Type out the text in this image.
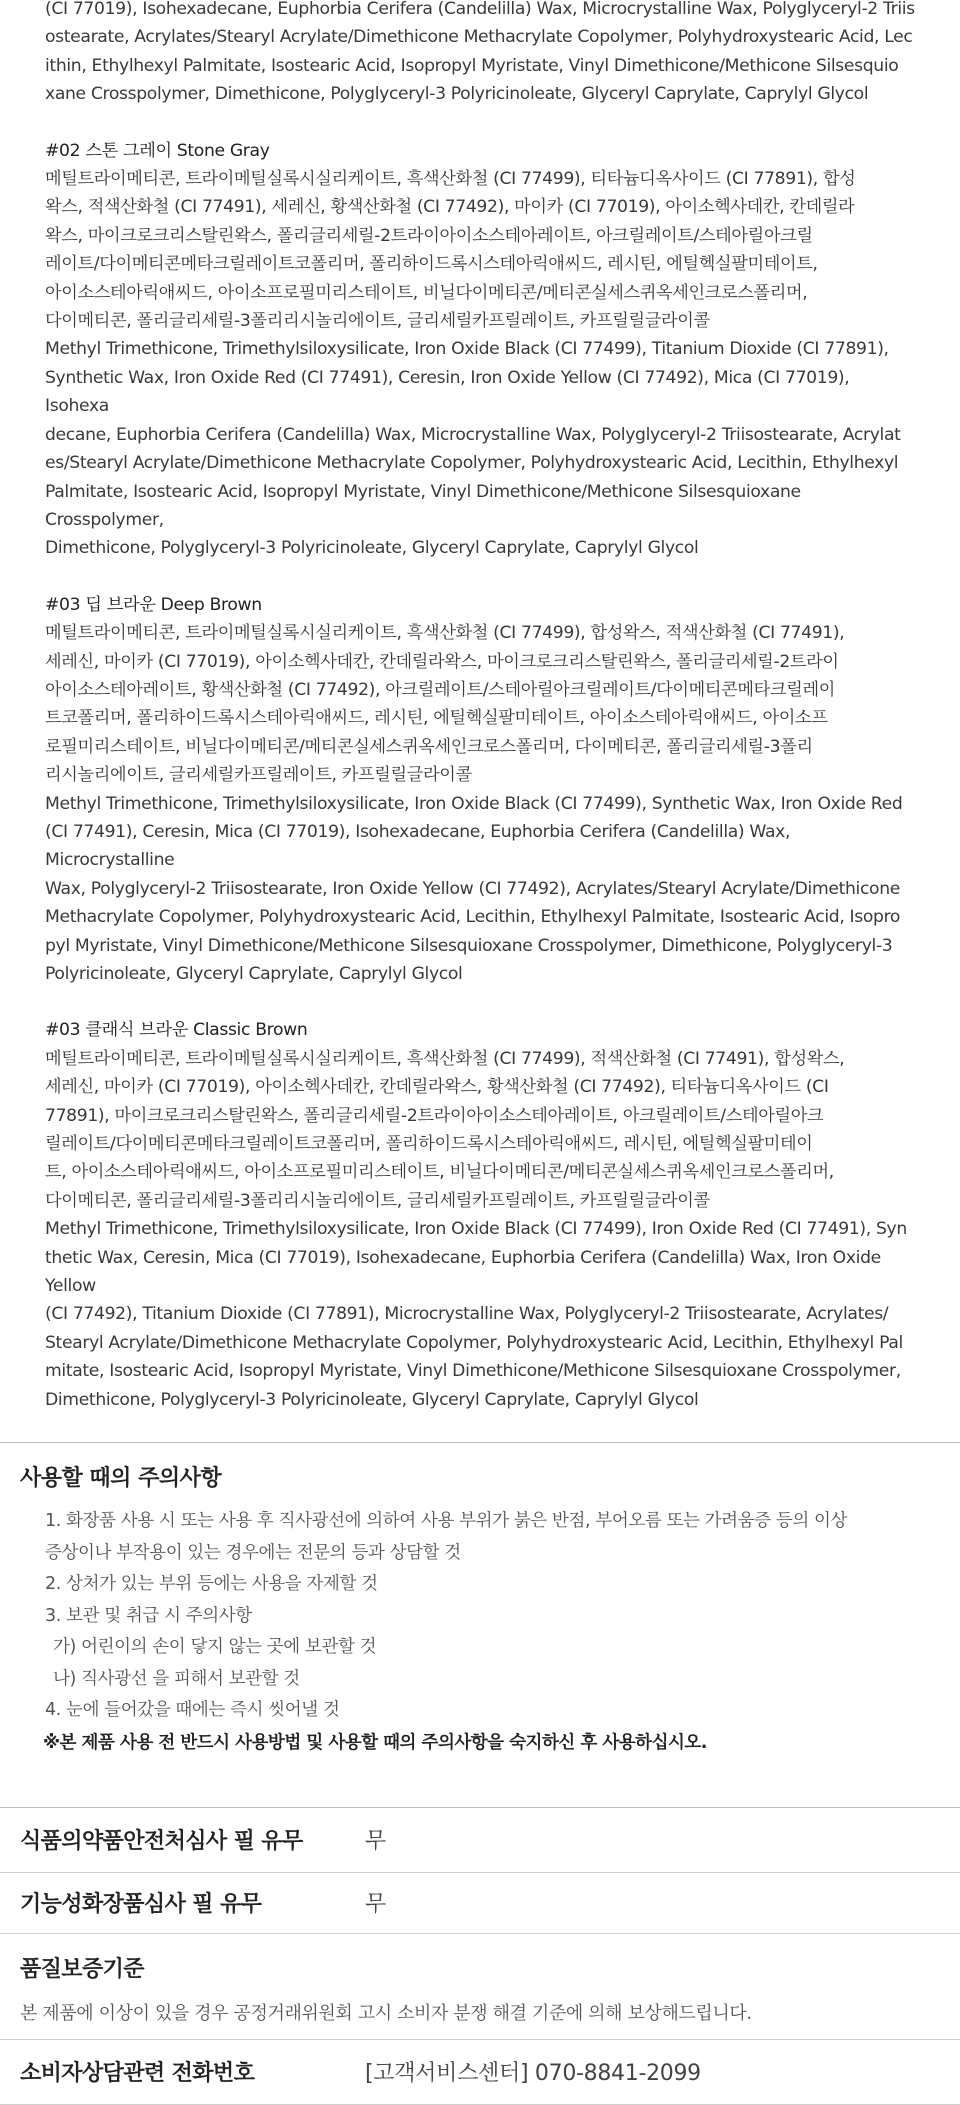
(CI 77019), Isohexadecane, Euphorbia Cerifera (Candelilla) Wax, Microcrystalline Wax, Polyglyceryl-2 Triis

ostearate, Acrylates/Stearyl Acrylate/Dimethicone Methacrylate Copolymer, Polyhydroxystearic Acid, Lec

ithin, Ethylhexyl Palmitate, Isostearic Acid, Isopropyl Myristate, Vinyl Dimethicone/Methicone Silsesquio

xane Crosspolymer, Dimethicone, Polyglyceryl-3 Polyricinoleate, Glyceryl Caprylate, Caprylyl Glycol

#02 스톤 그레이 Stone Gray

메틸트라이메티콘, 트라이메틸실록시실리케이트, 흑색산화철 (CI 77499), 티타늄디옥사이드 (CI 77891), 합성

왁스, 적색산화철 (CI 77491), 세레신, 황색산화철 (CI 77492), 마이카 (CI 77019), 아이소헥사데칸, 칸데릴라

왁스, 마이크로크리스탈린왁스, 폴리글리세릴-2트라이아이소스테아레이트, 아크릴레이트/스테아릴아크릴

레이트/다이메티콘메타크릴레이트코폴리머, 폴리하이드록시스테아릭애씨드, 레시틴, 에틸헥실팔미테이트,

아이소스테아릭애씨드, 아이소프로필미리스테이트, 비닐다이메티콘/메티콘실세스퀴옥세인크로스폴리머,

다이메티콘, 폴리글리세릴-3폴리리시놀리에이트, 글리세릴카프릴레이트, 카프릴릴글라이콜

Methyl Trimethicone, Trimethylsiloxysilicate, Iron Oxide Black (CI 77499), Titanium Dioxide (CI 77891),

Synthetic Wax, Iron Oxide Red (CI 77491), Ceresin, Iron Oxide Yellow (CI 77492), Mica (CI 77019), Isohexa

decane, Euphorbia Cerifera (Candelilla) Wax, Microcrystalline Wax, Polyglyceryl-2 Triisostearate, Acrylat

es/Stearyl Acrylate/Dimethicone Methacrylate Copolymer, Polyhydroxystearic Acid, Lecithin, Ethylhexyl

Palmitate, Isostearic Acid, Isopropyl Myristate, Vinyl Dimethicone/Methicone Silsesquioxane Crosspolymer,

Dimethicone, Polyglyceryl-3 Polyricinoleate, Glyceryl Caprylate, Caprylyl Glycol

#03 딥 브라운 Deep Brown

메틸트라이메티콘, 트라이메틸실록시실리케이트, 흑색산화철 (CI 77499), 합성왁스, 적색산화철 (CI 77491),

세레신, 마이카 (CI 77019), 아이소헥사데칸, 칸데릴라왁스, 마이크로크리스탈린왁스, 폴리글리세릴-2트라이

아이소스테아레이트, 황색산화철 (CI 77492), 아크릴레이트/스테아릴아크릴레이트/다이메티콘메타크릴레이

트코폴리머, 폴리하이드록시스테아릭애씨드, 레시틴, 에틸헥실팔미테이트, 아이소스테아릭애씨드, 아이소프

로필미리스테이트, 비닐다이메티콘/메티콘실세스퀴옥세인크로스폴리머, 다이메티콘, 폴리글리세릴-3폴리

리시놀리에이트, 글리세릴카프릴레이트, 카프릴릴글라이콜

Methyl Trimethicone, Trimethylsiloxysilicate, Iron Oxide Black (CI 77499), Synthetic Wax, Iron Oxide Red

(CI 77491), Ceresin, Mica (CI 77019), Isohexadecane, Euphorbia Cerifera (Candelilla) Wax, Microcrystalline

Wax, Polyglyceryl-2 Triisostearate, Iron Oxide Yellow (CI 77492), Acrylates/Stearyl Acrylate/Dimethicone

Methacrylate Copolymer, Polyhydroxystearic Acid, Lecithin, Ethylhexyl Palmitate, Isostearic Acid, Isopro

pyl Myristate, Vinyl Dimethicone/Methicone Silsesquioxane Crosspolymer, Dimethicone, Polyglyceryl-3

Polyricinoleate, Glyceryl Caprylate, Caprylyl Glycol

#03 클래식 브라운 Classic Brown

메틸트라이메티콘, 트라이메틸실록시실리케이트, 흑색산화철 (CI 77499), 적색산화철 (CI 77491), 합성왁스,

세레신, 마이카 (CI 77019), 아이소헥사데칸, 칸데릴라왁스, 황색산화철 (CI 77492), 티타늄디옥사이드 (CI

77891), 마이크로크리스탈린왁스, 폴리글리세릴-2트라이아이소스테아레이트, 아크릴레이트/스테아릴아크

릴레이트/다이메티콘메타크릴레이트코폴리머, 폴리하이드록시스테아릭애씨드, 레시틴, 에틸헥실팔미테이

트, 아이소스테아릭애씨드, 아이소프로필미리스테이트, 비닐다이메티콘/메티콘실세스퀴옥세인크로스폴리머,

다이메티콘, 폴리글리세릴-3폴리리시놀리에이트, 글리세릴카프릴레이트, 카프릴릴글라이콜

Methyl Trimethicone, Trimethylsiloxysilicate, Iron Oxide Black (CI 77499), Iron Oxide Red (CI 77491), Syn

thetic Wax, Ceresin, Mica (CI 77019), Isohexadecane, Euphorbia Cerifera (Candelilla) Wax, Iron Oxide Yellow

(CI 77492), Titanium Dioxide (CI 77891), Microcrystalline Wax, Polyglyceryl-2 Triisostearate, Acrylates/

Stearyl Acrylate/Dimethicone Methacrylate Copolymer, Polyhydroxystearic Acid, Lecithin, Ethylhexyl Pal

mitate, Isostearic Acid, Isopropyl Myristate, Vinyl Dimethicone/Methicone Silsesquioxane Crosspolymer,

Dimethicone, Polyglyceryl-3 Polyricinoleate, Glyceryl Caprylate, Caprylyl Glycol

사용할 때의 주의사항

1. 화장품 사용 시 또는 사용 후 직사광선에 의하여 사용 부위가 붉은 반점, 부어오름 또는 가려움증 등의 이상

증상이나 부작용이 있는 경우에는 전문의 등과 상담할 것

2. 상처가 있는 부위 등에는 사용을 자제할 것

3. 보관 및 취급 시 주의사항

가) 어린이의 손이 닿지 않는 곳에 보관할 것

나) 직사광선 을 피해서 보관할 것

4. 눈에 들어갔을 때에는 즉시 씻어낼 것

※본 제품 사용 전 반드시 사용방법 및 사용할 때의 주의사항을 숙지하신 후 사용하십시오.
식품의약품안전처심사 필 유무	무
기능성화장품심사 필 유무	무
품질보증기준
본 제품에 이상이 있을 경우 공정거래위원회 고시 소비자 분쟁 해결 기준에 의해 보상해드립니다.
소비자상담관련 전화번호	[고객서비스센터] 070-8841-2099
